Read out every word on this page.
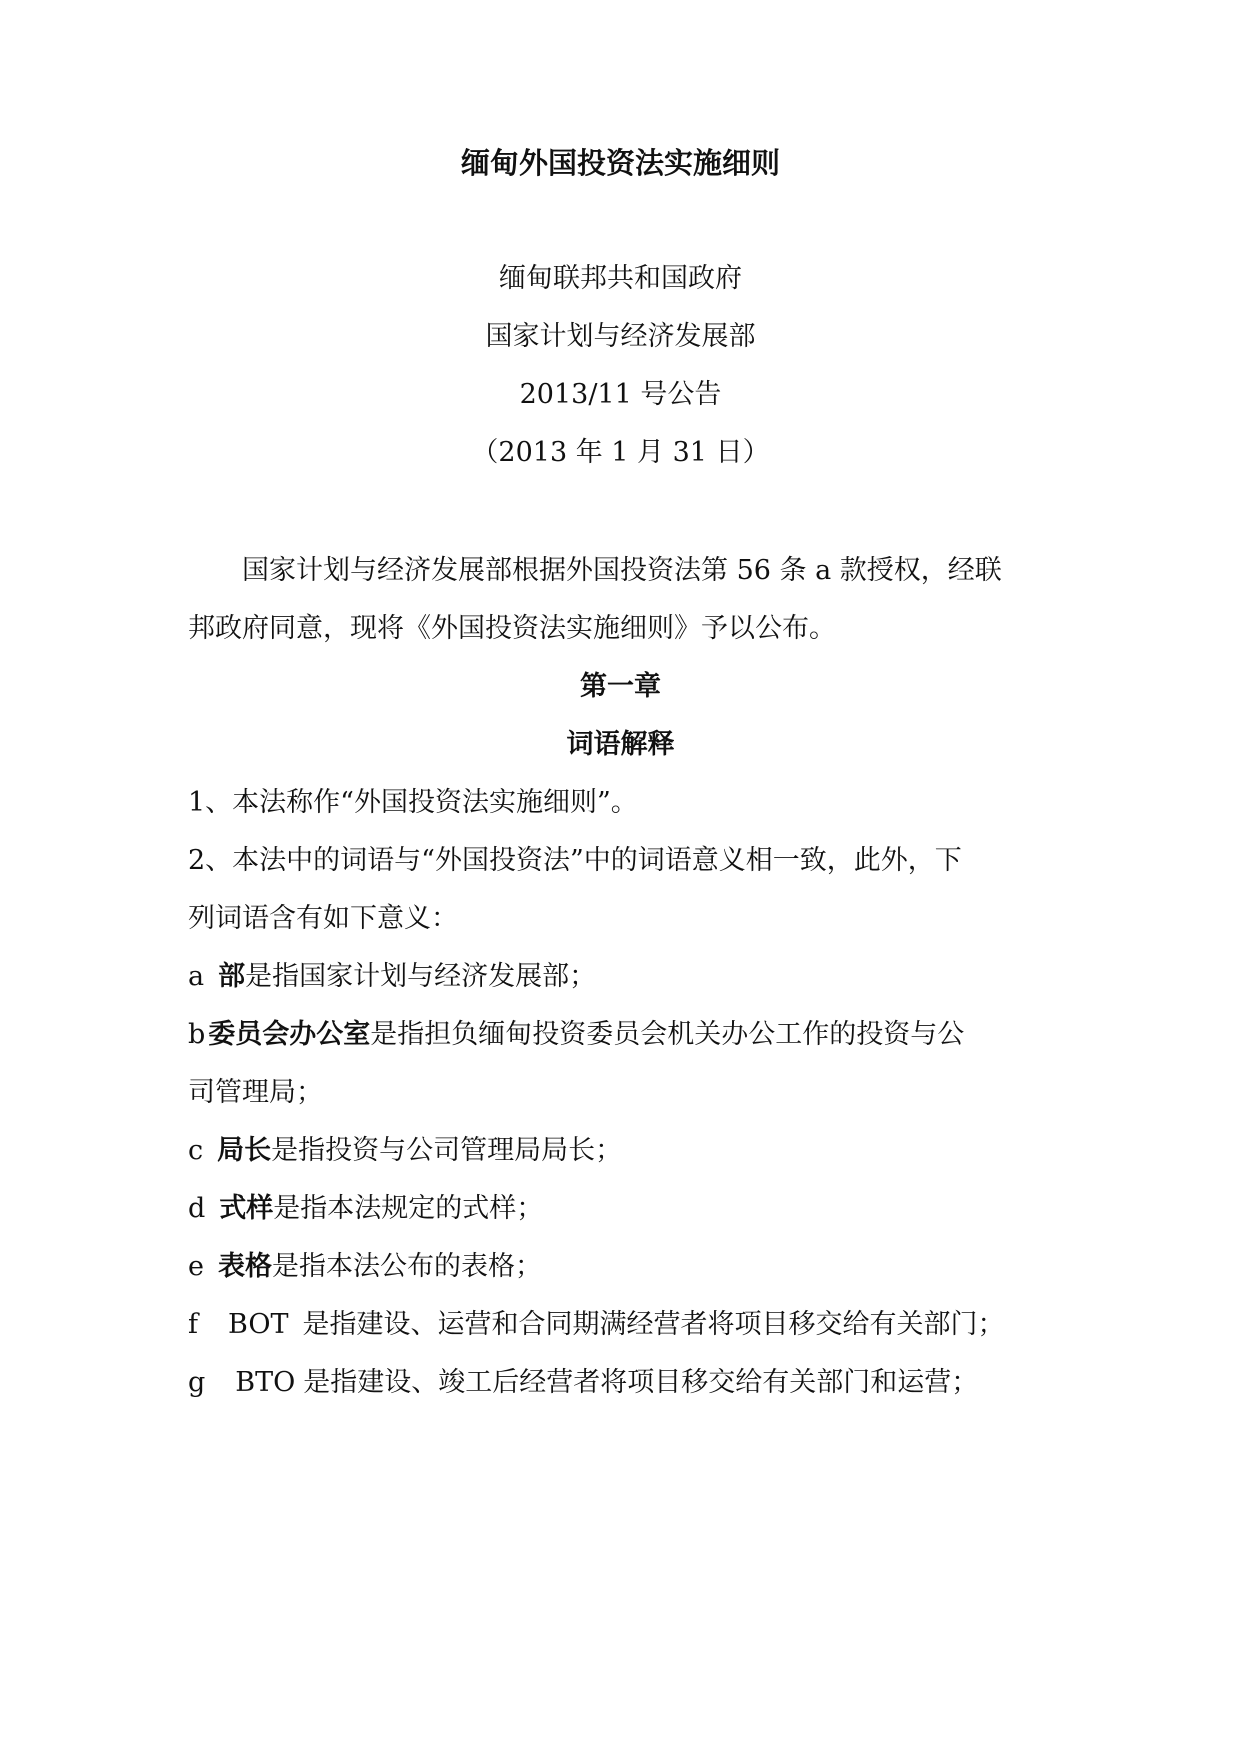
缅甸外国投资法实施细则
缅甸联邦共和国政府
国家计划与经济发展部
2013/11 号公告
（2013 年 1 月 31 日）
国家计划与经济发展部根据外国投资法第 56 条 a 款授权，经联
邦政府同意，现将《外国投资法实施细则》予以公布。
第一章
词语解释
1、本法称作“外国投资法实施细则”。
2、本法中的词语与“外国投资法”中的词语意义相一致，此外，下
列词语含有如下意义：
a 部是指国家计划与经济发展部；
b 委员会办公室是指担负缅甸投资委员会机关办公工作的投资与公
司管理局；
c 局长是指投资与公司管理局局长；
d 式样是指本法规定的式样；
e 表格是指本法公布的表格；
f BOT 是指建设、运营和合同期满经营者将项目移交给有关部门；
g BTO 是指建设、竣工后经营者将项目移交给有关部门和运营；
